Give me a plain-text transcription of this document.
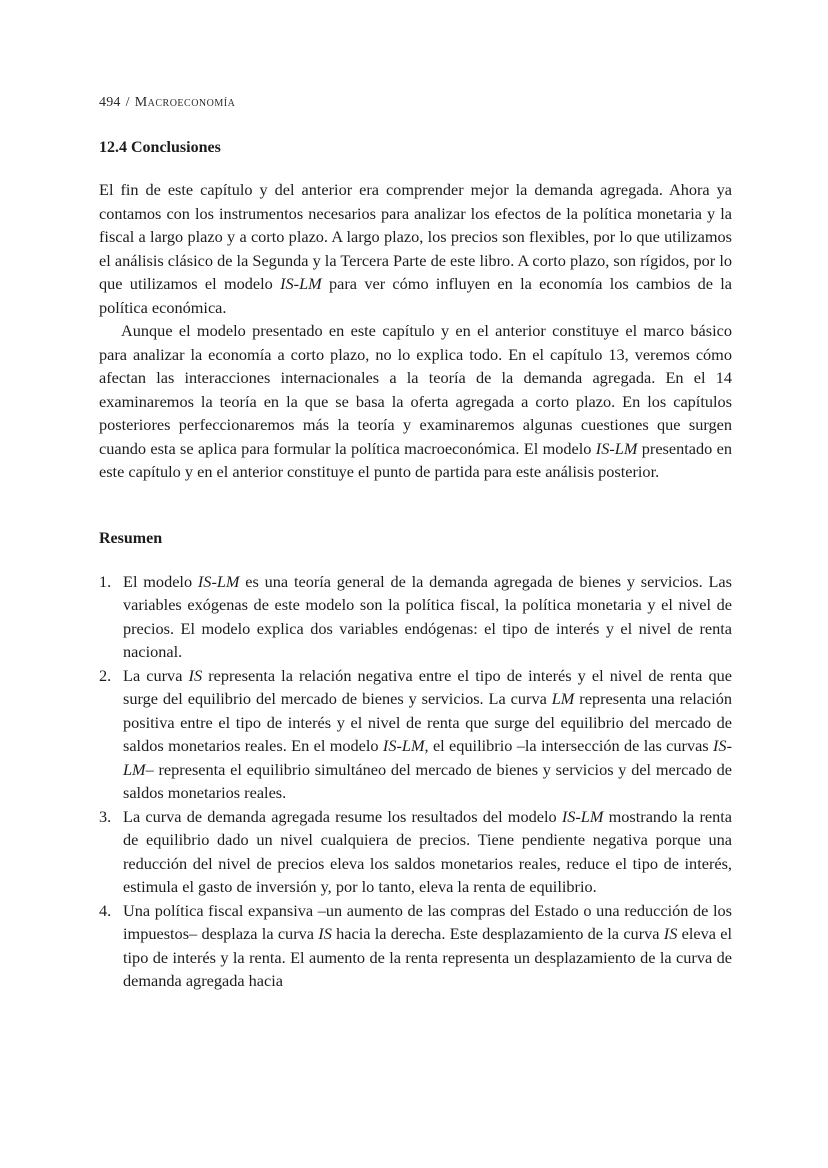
494 / Macroeconomía
12.4 Conclusiones

El fin de este capítulo y del anterior era comprender mejor la demanda agregada. Ahora ya contamos con los instrumentos necesarios para analizar los efectos de la política monetaria y la fiscal a largo plazo y a corto plazo. A largo plazo, los precios son flexibles, por lo que utilizamos el análisis clásico de la Segunda y la Tercera Parte de este libro. A corto plazo, son rígidos, por lo que utilizamos el modelo IS-LM para ver cómo influyen en la economía los cambios de la política económica.

Aunque el modelo presentado en este capítulo y en el anterior constituye el marco básico para analizar la economía a corto plazo, no lo explica todo. En el capítulo 13, veremos cómo afectan las interacciones internacionales a la teoría de la demanda agregada. En el 14 examinaremos la teoría en la que se basa la oferta agregada a corto plazo. En los capítulos posteriores perfeccionaremos más la teoría y examinaremos algunas cuestiones que surgen cuando esta se aplica para formular la política macroeconómica. El modelo IS-LM presentado en este capítulo y en el anterior constituye el punto de partida para este análisis posterior.

Resumen
1. El modelo IS-LM es una teoría general de la demanda agregada de bienes y servicios. Las variables exógenas de este modelo son la política fiscal, la política monetaria y el nivel de precios. El modelo explica dos variables endógenas: el tipo de interés y el nivel de renta nacional.
2. La curva IS representa la relación negativa entre el tipo de interés y el nivel de renta que surge del equilibrio del mercado de bienes y servicios. La curva LM representa una relación positiva entre el tipo de interés y el nivel de renta que surge del equilibrio del mercado de saldos monetarios reales. En el modelo IS-LM, el equilibrio –la intersección de las curvas IS-LM– representa el equilibrio simultáneo del mercado de bienes y servicios y del mercado de saldos monetarios reales.
3. La curva de demanda agregada resume los resultados del modelo IS-LM mostrando la renta de equilibrio dado un nivel cualquiera de precios. Tiene pendiente negativa porque una reducción del nivel de precios eleva los saldos monetarios reales, reduce el tipo de interés, estimula el gasto de inversión y, por lo tanto, eleva la renta de equilibrio.
4. Una política fiscal expansiva –un aumento de las compras del Estado o una reducción de los impuestos– desplaza la curva IS hacia la derecha. Este desplazamiento de la curva IS eleva el tipo de interés y la renta. El aumento de la renta representa un desplazamiento de la curva de demanda agregada hacia
